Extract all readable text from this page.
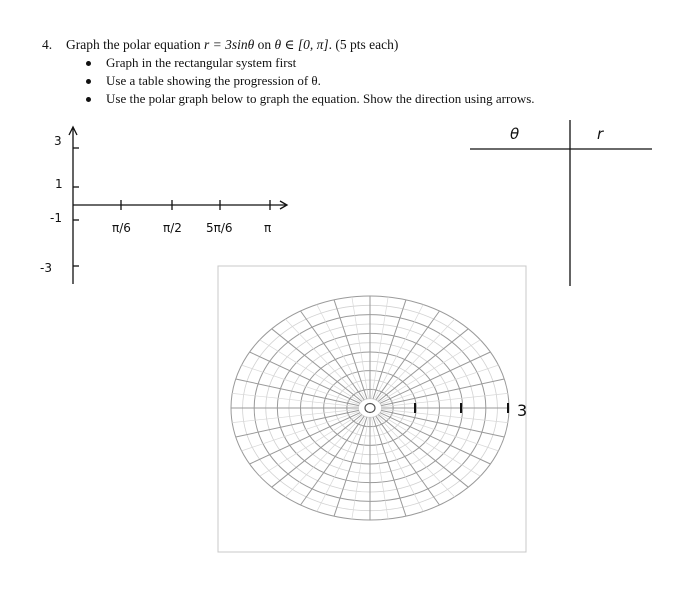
4. Graph the polar equation r = 3sinθ on θ ∈ [0, π]. (5 pts each)
Graph in the rectangular system first
Use a table showing the progression of θ.
Use the polar graph below to graph the equation. Show the direction using arrows.
3
1
-1
-3
π/6	π/2 5π/6	π
θ	r
3
